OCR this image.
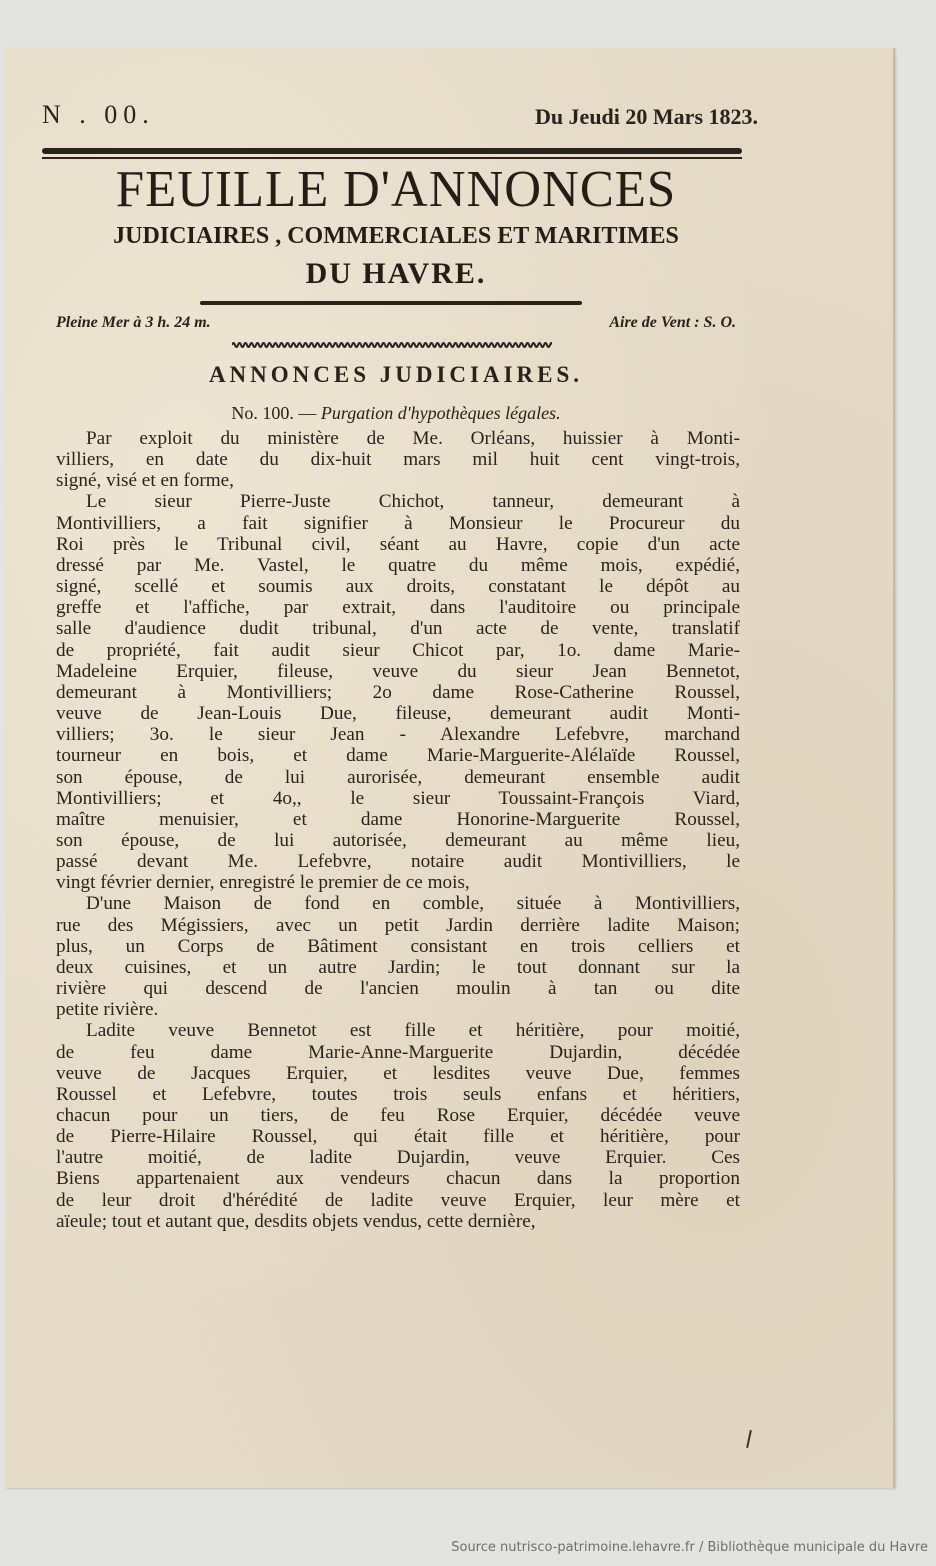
N . 00.	Du Jeudi 20 Mars 1823.
FEUILLE D'ANNONCES
JUDICIAIRES , COMMERCIALES ET MARITIMES
DU HAVRE.
Pleine Mer à 3 h. 24 m.	Aire de Vent : S. O.
ANNONCES JUDICIAIRES.
No. 100. — Purgation d'hypothèques légales.
Par exploit du ministère de Me. Orléans, huissier à Monti-
villiers, en date du dix-huit mars mil huit cent vingt-trois,
signé, visé et en forme,
Le sieur Pierre-Juste Chichot, tanneur, demeurant à
Montivilliers, a fait signifier à Monsieur le Procureur du
Roi près le Tribunal civil, séant au Havre, copie d'un acte
dressé par Me. Vastel, le quatre du même mois, expédié,
signé, scellé et soumis aux droits, constatant le dépôt au
greffe et l'affiche, par extrait, dans l'auditoire ou principale
salle d'audience dudit tribunal, d'un acte de vente, translatif
de propriété, fait audit sieur Chicot par, 1o. dame Marie-
Madeleine Erquier, fileuse, veuve du sieur Jean Bennetot,
demeurant à Montivilliers; 2o dame Rose-Catherine Roussel,
veuve de Jean-Louis Due, fileuse, demeurant audit Monti-
villiers; 3o. le sieur Jean - Alexandre Lefebvre, marchand
tourneur en bois, et dame Marie-Marguerite-Alélaïde Roussel,
son épouse, de lui aurorisée, demeurant ensemble audit
Montivilliers; et 4o,, le sieur Toussaint-François Viard,
maître menuisier, et dame Honorine-Marguerite Roussel,
son épouse, de lui autorisée, demeurant au même lieu,
passé devant Me. Lefebvre, notaire audit Montivilliers, le
vingt février dernier, enregistré le premier de ce mois,
D'une Maison de fond en comble, située à Montivilliers,
rue des Mégissiers, avec un petit Jardin derrière ladite Maison;
plus, un Corps de Bâtiment consistant en trois celliers et
deux cuisines, et un autre Jardin; le tout donnant sur la
rivière qui descend de l'ancien moulin à tan ou dite
petite rivière.
Ladite veuve Bennetot est fille et héritière, pour moitié,
de feu dame Marie-Anne-Marguerite Dujardin, décédée
veuve de Jacques Erquier, et lesdites veuve Due, femmes
Roussel et Lefebvre, toutes trois seuls enfans et héritiers,
chacun pour un tiers, de feu Rose Erquier, décédée veuve
de Pierre-Hilaire Roussel, qui était fille et héritière, pour
l'autre moitié, de ladite Dujardin, veuve Erquier. Ces
Biens appartenaient aux vendeurs chacun dans la proportion
de leur droit d'hérédité de ladite veuve Erquier, leur mère et
aïeule; tout et autant que, desdits objets vendus, cette dernière,
Source nutrisco-patrimoine.lehavre.fr / Bibliothèque municipale du Havre
